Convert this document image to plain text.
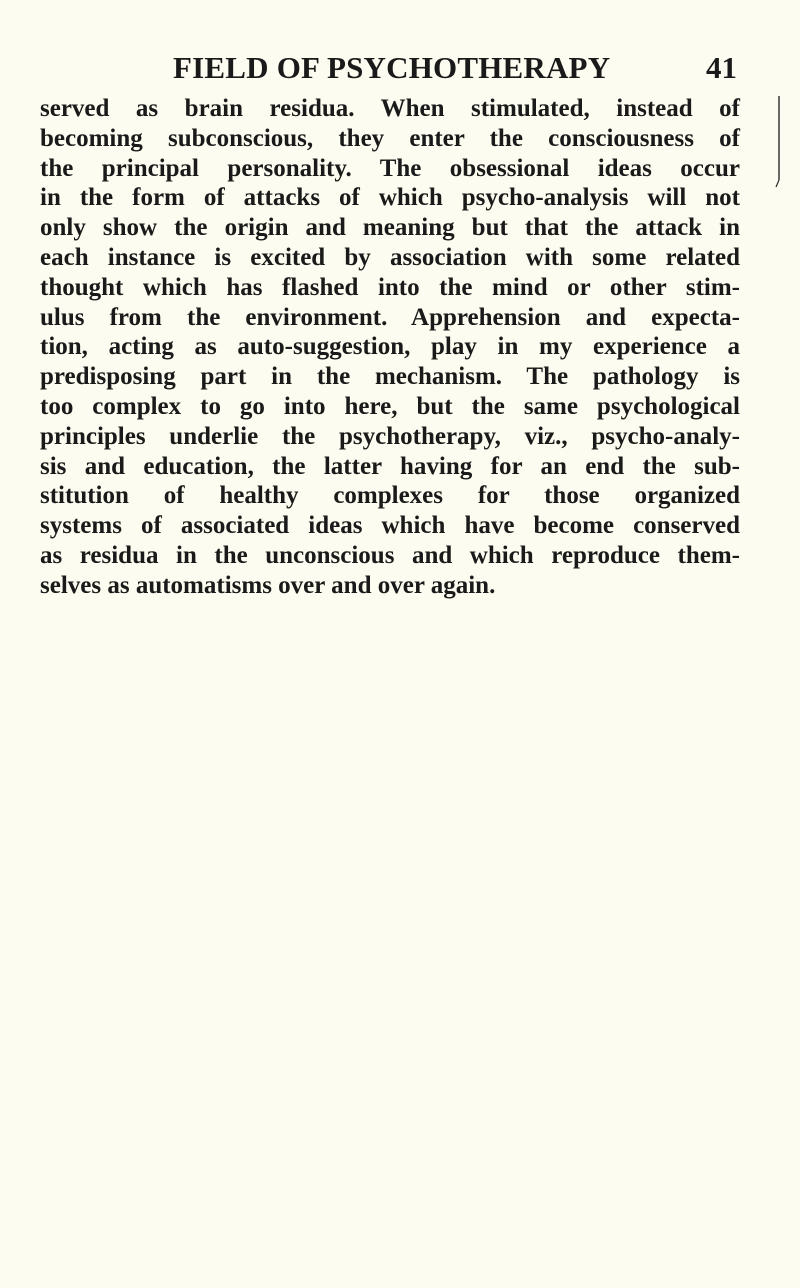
FIELD OF PSYCHOTHERAPY	41
served as brain residua. When stimulated, instead of
becoming subconscious, they enter the consciousness of
the principal personality. The obsessional ideas occur
in the form of attacks of which psycho-analysis will not
only show the origin and meaning but that the attack in
each instance is excited by association with some related
thought which has flashed into the mind or other stim-
ulus from the environment. Apprehension and expecta-
tion, acting as auto-suggestion, play in my experience a
predisposing part in the mechanism. The pathology is
too complex to go into here, but the same psychological
principles underlie the psychotherapy, viz., psycho-analy-
sis and education, the latter having for an end the sub-
stitution of healthy complexes for those organized
systems of associated ideas which have become conserved
as residua in the unconscious and which reproduce them-
selves as automatisms over and over again.
